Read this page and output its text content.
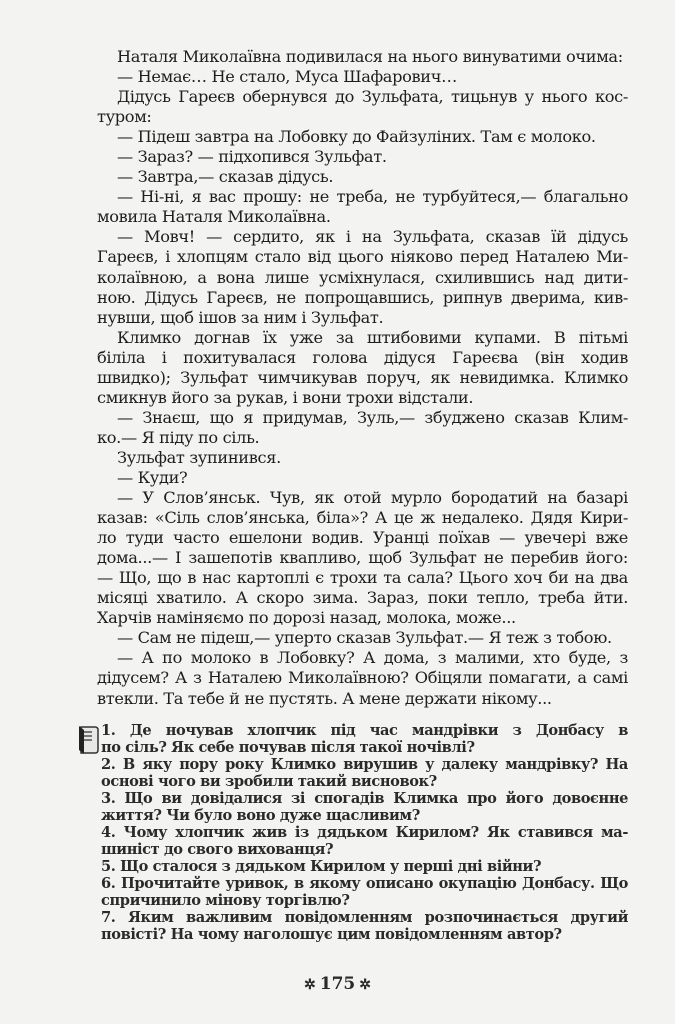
Наталя Миколаївна подивилася на нього винуватими очима:
— Немає… Не стало, Муса Шафарович…
Дідусь Гареєв обернувся до Зульфата, тицьнув у нього кос-
туром:
— Підеш завтра на Лобовку до Файзуліних. Там є молоко.
— Зараз? — підхопився Зульфат.
— Завтра,— сказав дідусь.
— Ні-ні, я вас прошу: не треба, не турбуйтеся,— благально
мовила Наталя Миколаївна.
— Мовч! — сердито, як і на Зульфата, сказав їй дідусь
Гареєв, і хлопцям стало від цього ніяково перед Наталею Ми-
колаївною, а вона лише усміхнулася, схилившись над дити-
ною. Дідусь Гареєв, не попрощавшись, рипнув дверима, кив-
нувши, щоб ішов за ним і Зульфат.
Климко догнав їх уже за штибовими купами. В пітьмі
біліла і похитувалася голова дідуся Гареєва (він ходив
швидко); Зульфат чимчикував поруч, як невидимка. Климко
смикнув його за рукав, і вони трохи відстали.
— Знаєш, що я придумав, Зуль,— збуджено сказав Клим-
ко.— Я піду по сіль.
Зульфат зупинився.
— Куди?
— У Слов’янськ. Чув, як отой мурло бородатий на базарі
казав: «Сіль слов’янська, біла»? А це ж недалеко. Дядя Кири-
ло туди часто ешелони водив. Уранці поїхав — увечері вже
дома...— І зашепотів квапливо, щоб Зульфат не перебив його:
— Що, що в нас картоплі є трохи та сала? Цього хоч би на два
місяці хватило. А скоро зима. Зараз, поки тепло, треба йти.
Харчів наміняємо по дорозі назад, молока, може...
— Сам не підеш,— уперто сказав Зульфат.— Я теж з тобою.
— А по молоко в Лобовку? А дома, з малими, хто буде, з
дідусем? А з Наталею Миколаївною? Обіцяли помагати, а самі
втекли. Та тебе й не пустять. А мене держати нікому...
1. Де ночував хлопчик під час мандрівки з Донбасу в
по сіль? Як себе почував після такої ночівлі?
2. В яку пору року Климко вирушив у далеку мандрівку? На
основі чого ви зробили такий висновок?
3. Що ви довідалися зі спогадів Климка про його довоєнне
життя? Чи було воно дуже щасливим?
4. Чому хлопчик жив із дядьком Кирилом? Як ставився ма-
шиніст до свого вихованця?
5. Що сталося з дядьком Кирилом у перші дні війни?
6. Прочитайте уривок, в якому описано окупацію Донбасу. Що
спричинило мінову торгівлю?
7. Яким важливим повідомленням розпочинається другий
повісті? На чому наголошує цим повідомленням автор?
✲ 175 ✲
